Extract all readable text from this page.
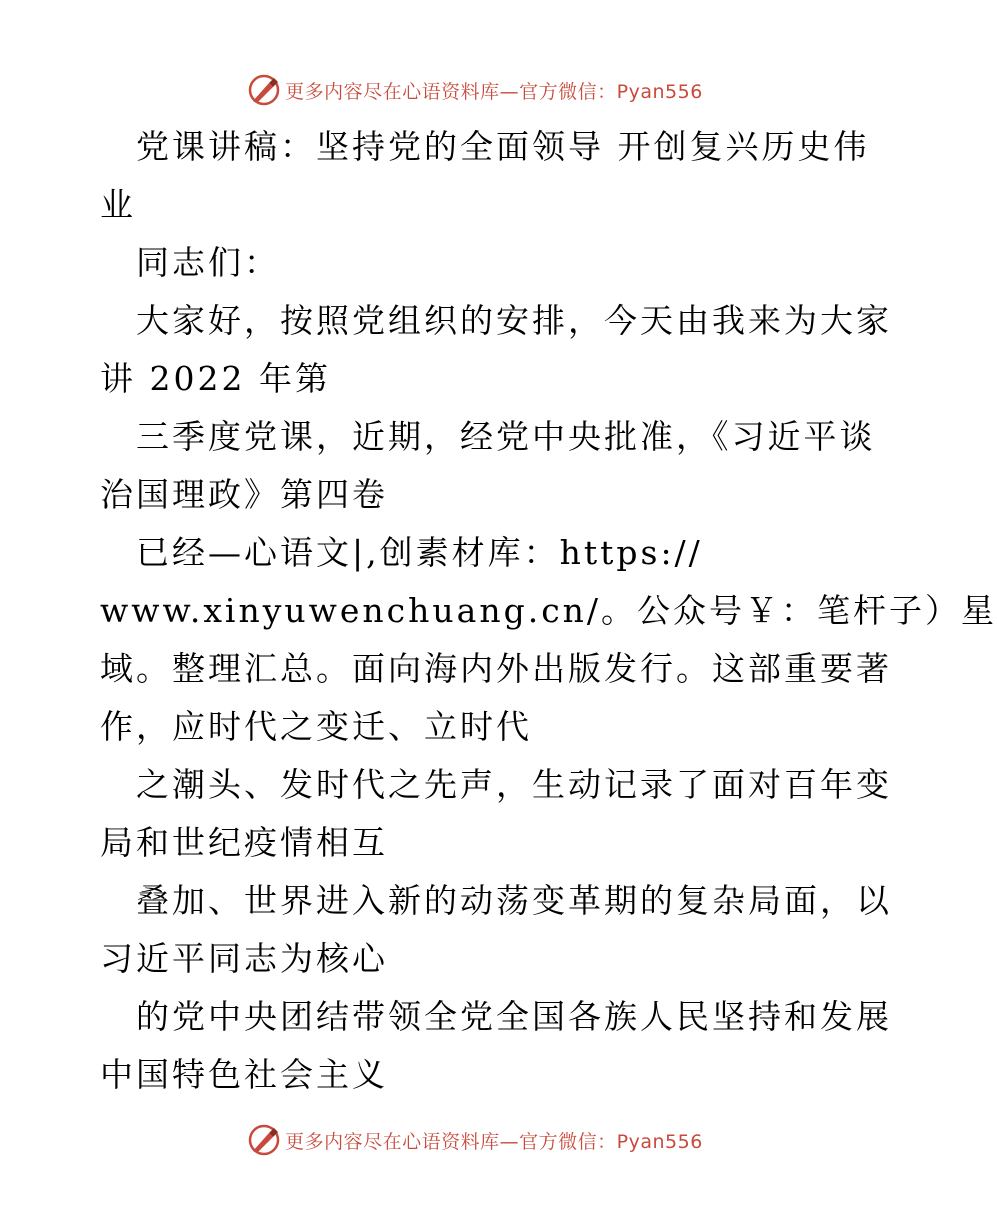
更多内容尽在心语资料库—官方微信：Pyan556
党课讲稿：坚持党的全面领导 开创复兴历史伟
业
同志们：
大家好，按照党组织的安排，今天由我来为大家
讲 2022 年第
三季度党课，近期，经党中央批准，《习近平谈
治国理政》第四卷
已经—心语文|,创素材库：https://
www.xinyuwenchuang.cn/。公众号￥：笔杆子）星
域。整理汇总。面向海内外出版发行。这部重要著
作，应时代之变迁、立时代
之潮头、发时代之先声，生动记录了面对百年变
局和世纪疫情相互
叠加、世界进入新的动荡变革期的复杂局面，以
习近平同志为核心
的党中央团结带领全党全国各族人民坚持和发展
中国特色社会主义
更多内容尽在心语资料库—官方微信：Pyan556
